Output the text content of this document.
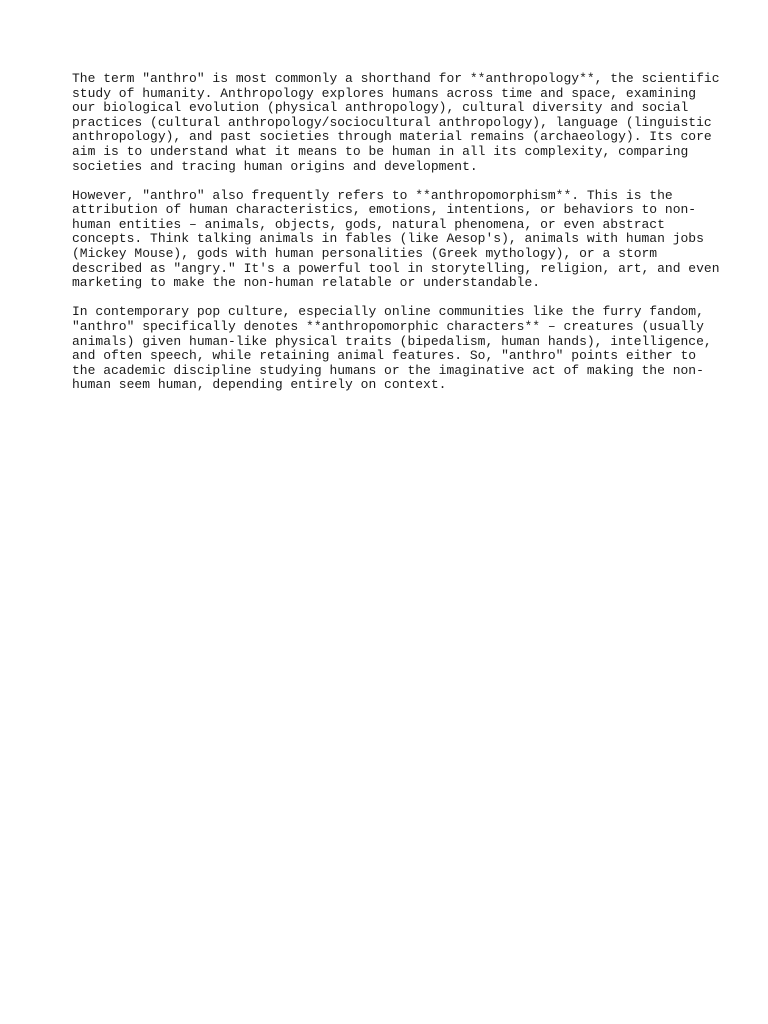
The term "anthro" is most commonly a shorthand for **anthropology**, the scientific
study of humanity. Anthropology explores humans across time and space, examining
our biological evolution (physical anthropology), cultural diversity and social
practices (cultural anthropology/sociocultural anthropology), language (linguistic
anthropology), and past societies through material remains (archaeology). Its core
aim is to understand what it means to be human in all its complexity, comparing
societies and tracing human origins and development.
However, "anthro" also frequently refers to **anthropomorphism**. This is the
attribution of human characteristics, emotions, intentions, or behaviors to non-
human entities – animals, objects, gods, natural phenomena, or even abstract
concepts. Think talking animals in fables (like Aesop's), animals with human jobs
(Mickey Mouse), gods with human personalities (Greek mythology), or a storm
described as "angry." It's a powerful tool in storytelling, religion, art, and even
marketing to make the non-human relatable or understandable.
In contemporary pop culture, especially online communities like the furry fandom,
"anthro" specifically denotes **anthropomorphic characters** – creatures (usually
animals) given human-like physical traits (bipedalism, human hands), intelligence,
and often speech, while retaining animal features. So, "anthro" points either to
the academic discipline studying humans or the imaginative act of making the non-
human seem human, depending entirely on context.
